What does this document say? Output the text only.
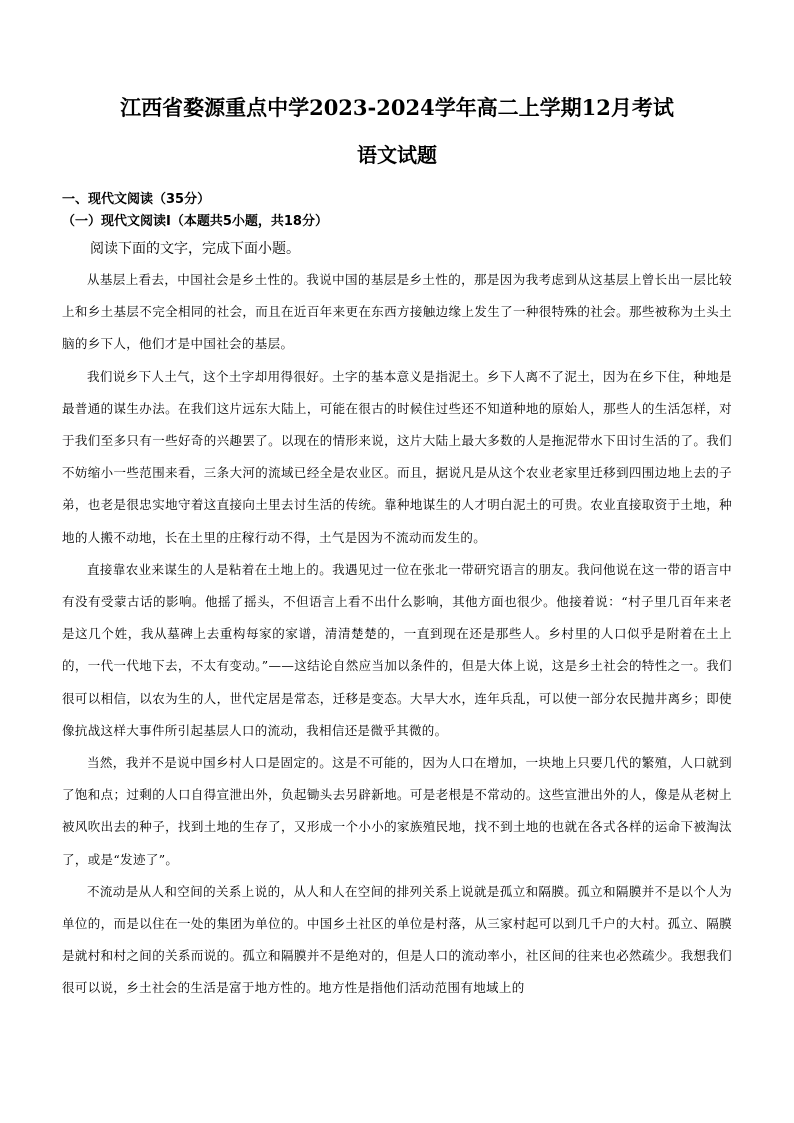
江西省婺源重点中学2023-2024学年高二上学期12月考试
语文试题
一、现代文阅读（35分）
（一）现代文阅读Ⅰ（本题共5小题，共18分）
阅读下面的文字，完成下面小题。

从基层上看去，中国社会是乡土性的。我说中国的基层是乡土性的，那是因为我考虑到从这基层上曾长出一层比较上和乡土基层不完全相同的社会，而且在近百年来更在东西方接触边缘上发生了一种很特殊的社会。那些被称为土头土脑的乡下人，他们才是中国社会的基层。

我们说乡下人土气，这个土字却用得很好。土字的基本意义是指泥土。乡下人离不了泥土，因为在乡下住，种地是最普通的谋生办法。在我们这片远东大陆上，可能在很古的时候住过些还不知道种地的原始人，那些人的生活怎样，对于我们至多只有一些好奇的兴趣罢了。以现在的情形来说，这片大陆上最大多数的人是拖泥带水下田讨生活的了。我们不妨缩小一些范围来看，三条大河的流域已经全是农业区。而且，据说凡是从这个农业老家里迁移到四围边地上去的子弟，也老是很忠实地守着这直接向土里去讨生活的传统。靠种地谋生的人才明白泥土的可贵。农业直接取资于土地，种地的人搬不动地，长在土里的庄稼行动不得，土气是因为不流动而发生的。

直接靠农业来谋生的人是粘着在土地上的。我遇见过一位在张北一带研究语言的朋友。我问他说在这一带的语言中有没有受蒙古话的影响。他摇了摇头，不但语言上看不出什么影响，其他方面也很少。他接着说：“村子里几百年来老是这几个姓，我从墓碑上去重构每家的家谱，清清楚楚的，一直到现在还是那些人。乡村里的人口似乎是附着在土上的，一代一代地下去，不太有变动。”——这结论自然应当加以条件的，但是大体上说，这是乡土社会的特性之一。我们很可以相信，以农为生的人，世代定居是常态，迁移是变态。大旱大水，连年兵乱，可以使一部分农民抛井离乡；即使像抗战这样大事件所引起基层人口的流动，我相信还是微乎其微的。

当然，我并不是说中国乡村人口是固定的。这是不可能的，因为人口在增加，一块地上只要几代的繁殖，人口就到了饱和点；过剩的人口自得宣泄出外，负起锄头去另辟新地。可是老根是不常动的。这些宣泄出外的人，像是从老树上被风吹出去的种子，找到土地的生存了，又形成一个小小的家族殖民地，找不到土地的也就在各式各样的运命下被淘汰了，或是“发迹了”。

不流动是从人和空间的关系上说的，从人和人在空间的排列关系上说就是孤立和隔膜。孤立和隔膜并不是以个人为单位的，而是以住在一处的集团为单位的。中国乡土社区的单位是村落，从三家村起可以到几千户的大村。孤立、隔膜是就村和村之间的关系而说的。孤立和隔膜并不是绝对的，但是人口的流动率小，社区间的往来也必然疏少。我想我们很可以说，乡土社会的生活是富于地方性的。地方性是指他们活动范围有地域上的
